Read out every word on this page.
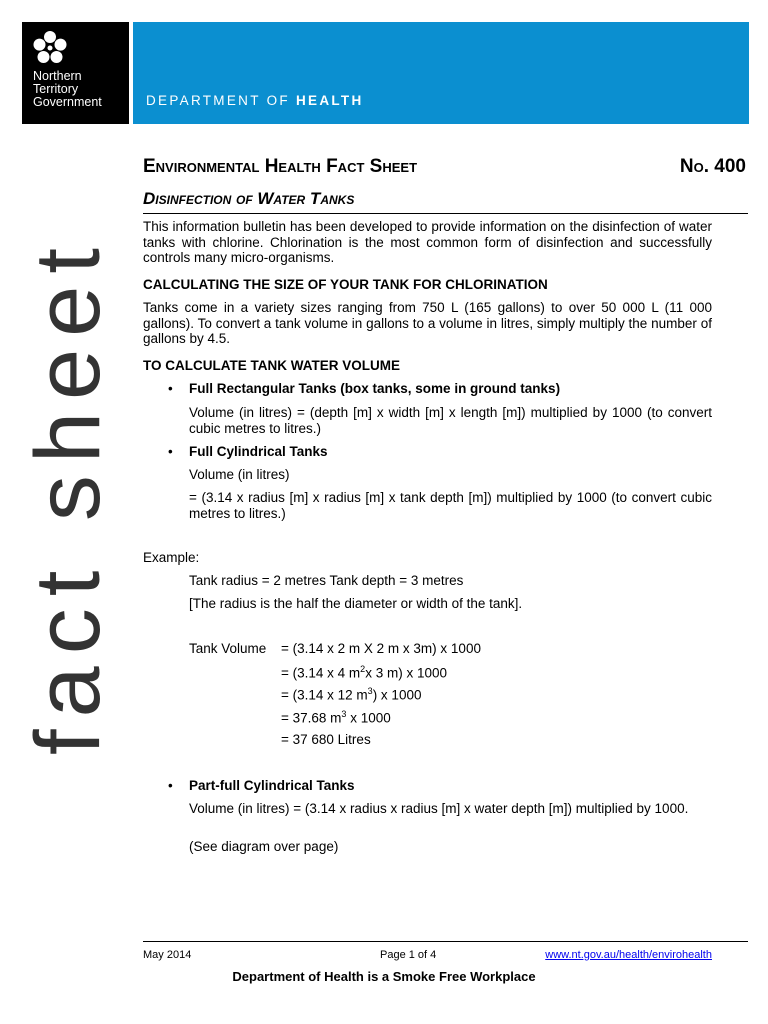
Northern
Territory
Government	DEPARTMENT OF HEALTH
fact sheet
Environmental Health Fact Sheet	No. 400
Disinfection of Water Tanks
This information bulletin has been developed to provide information on the disinfection of water tanks with chlorine. Chlorination is the most common form of disinfection and successfully controls many micro-organisms.
CALCULATING THE SIZE OF YOUR TANK FOR CHLORINATION
Tanks come in a variety sizes ranging from 750 L (165 gallons) to over 50 000 L (11 000 gallons). To convert a tank volume in gallons to a volume in litres, simply multiply the number of gallons by 4.5.
TO CALCULATE TANK WATER VOLUME
• Full Rectangular Tanks (box tanks, some in ground tanks)
Volume (in litres) = (depth [m] x width [m] x length [m]) multiplied by 1000 (to convert cubic metres to litres.)
• Full Cylindrical Tanks
Volume (in litres)
= (3.14 x radius [m] x radius [m] x tank depth [m]) multiplied by 1000 (to convert cubic metres to litres.)
Example:
Tank radius = 2 metres Tank depth = 3 metres
[The radius is the half the diameter or width of the tank].
Tank Volume = (3.14 x 2 m X 2 m x 3m) x 1000
= (3.14 x 4 $m^2x$ 3 m) x 1000
= (3.14 x 12 $m^3$) x 1000
= 37.68 $m^3$ x 1000
= 37 680 Litres
• Part-full Cylindrical Tanks
Volume (in litres) = (3.14 x radius x radius [m] x water depth [m]) multiplied by 1000.
(See diagram over page)
May 2014	Page 1 of 4	www.nt.gov.au/health/envirohealth
Department of Health is a Smoke Free Workplace
